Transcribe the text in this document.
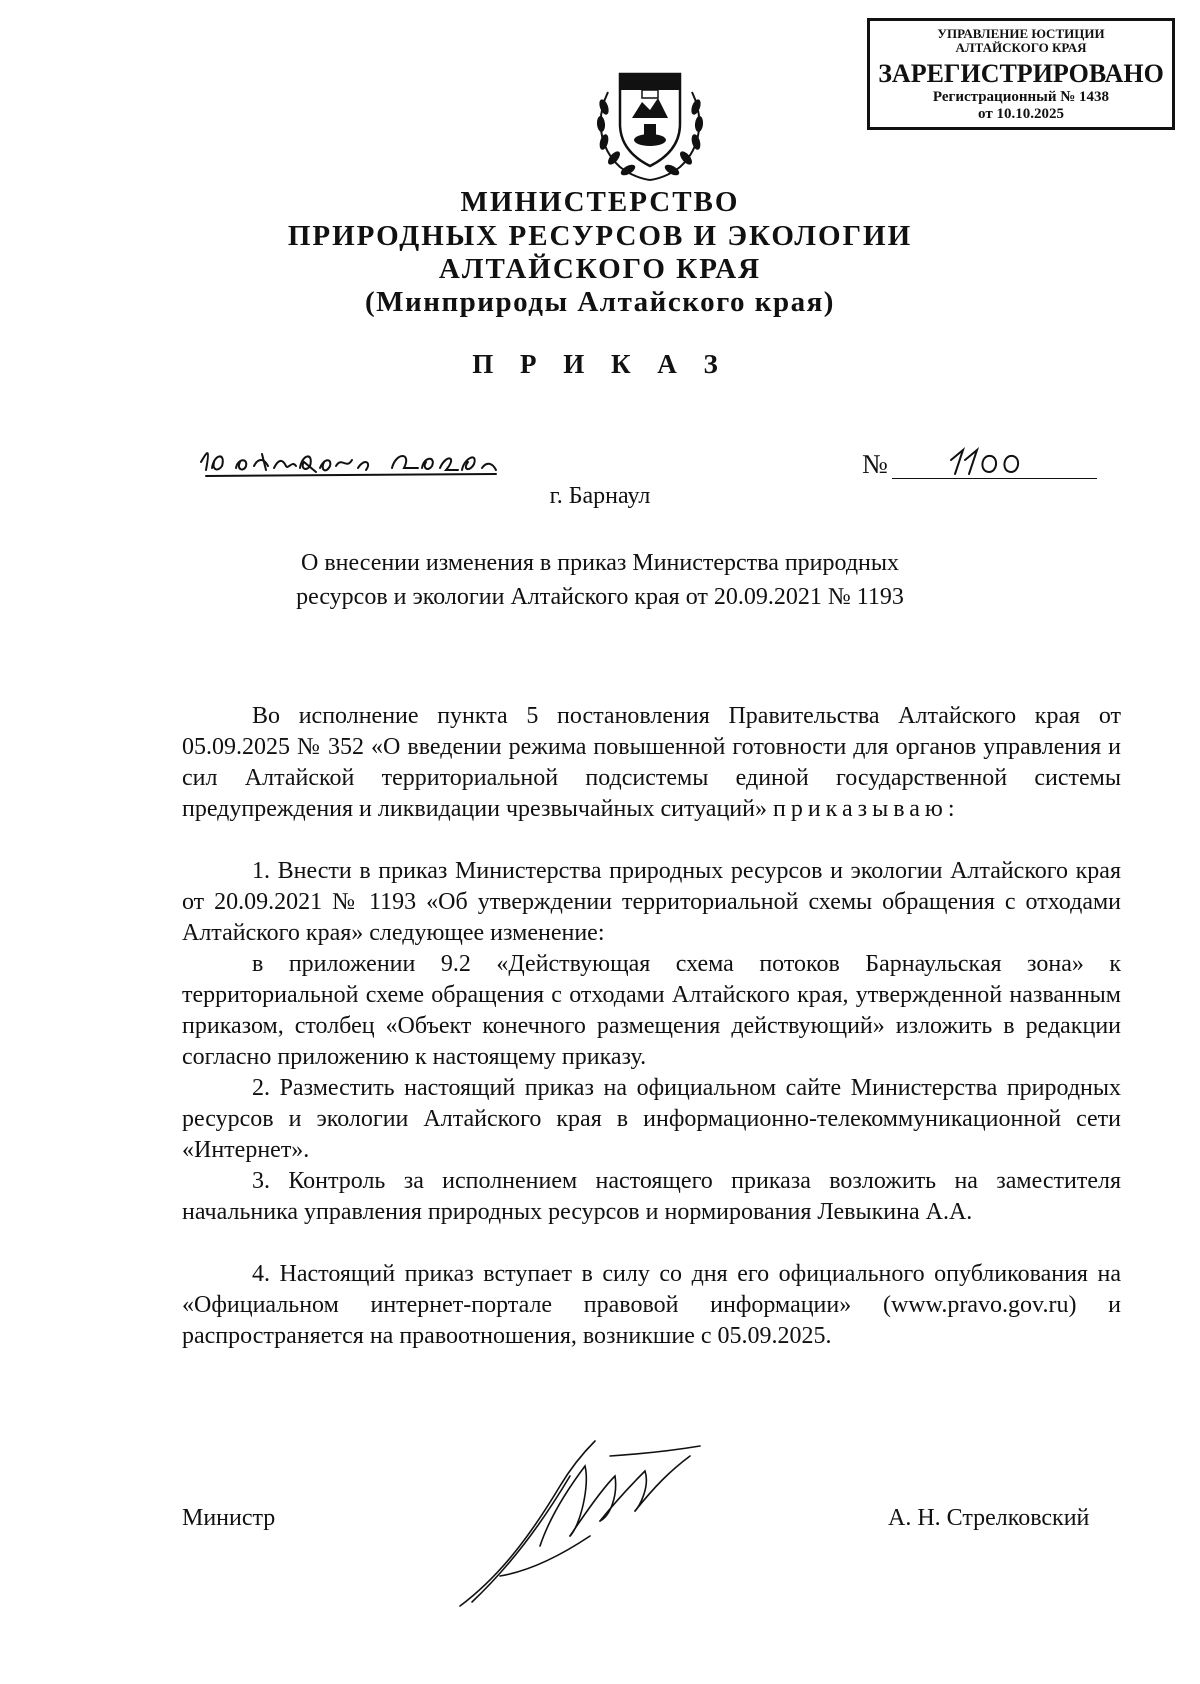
УПРАВЛЕНИЕ ЮСТИЦИИ
АЛТАЙСКОГО КРАЯ
ЗАРЕГИСТРИРОВАНО
Регистрационный № 1438
от 10.10.2025
МИНИСТЕРСТВО
ПРИРОДНЫХ РЕСУРСОВ И ЭКОЛОГИИ
АЛТАЙСКОГО КРАЯ
(Минприроды Алтайского края)
П Р И К А З
№
г. Барнаул
О внесении изменения в приказ Министерства природных
ресурсов и экологии Алтайского края от 20.09.2021 № 1193
Во исполнение пункта 5 постановления Правительства Алтайского края от 05.09.2025 № 352 «О введении режима повышенной готовности для органов управления и сил Алтайской территориальной подсистемы единой государственной системы предупреждения и ликвидации чрезвычайных ситуаций» приказываю:
1. Внести в приказ Министерства природных ресурсов и экологии Алтайского края от 20.09.2021 № 1193 «Об утверждении территориальной схемы обращения с отходами Алтайского края» следующее изменение:
в приложении 9.2 «Действующая схема потоков Барнаульская зона» к территориальной схеме обращения с отходами Алтайского края, утвержденной названным приказом, столбец «Объект конечного размещения действующий» изложить в редакции согласно приложению к настоящему приказу.
2. Разместить настоящий приказ на официальном сайте Министерства природных ресурсов и экологии Алтайского края в информационно-телекоммуникационной сети «Интернет».
3. Контроль за исполнением настоящего приказа возложить на заместителя начальника управления природных ресурсов и нормирования Левыкина А.А.
4. Настоящий приказ вступает в силу со дня его официального опубликования на «Официальном интернет-портале правовой информации» (www.pravo.gov.ru) и распространяется на правоотношения, возникшие с 05.09.2025.
Министр	А. Н. Стрелковский
